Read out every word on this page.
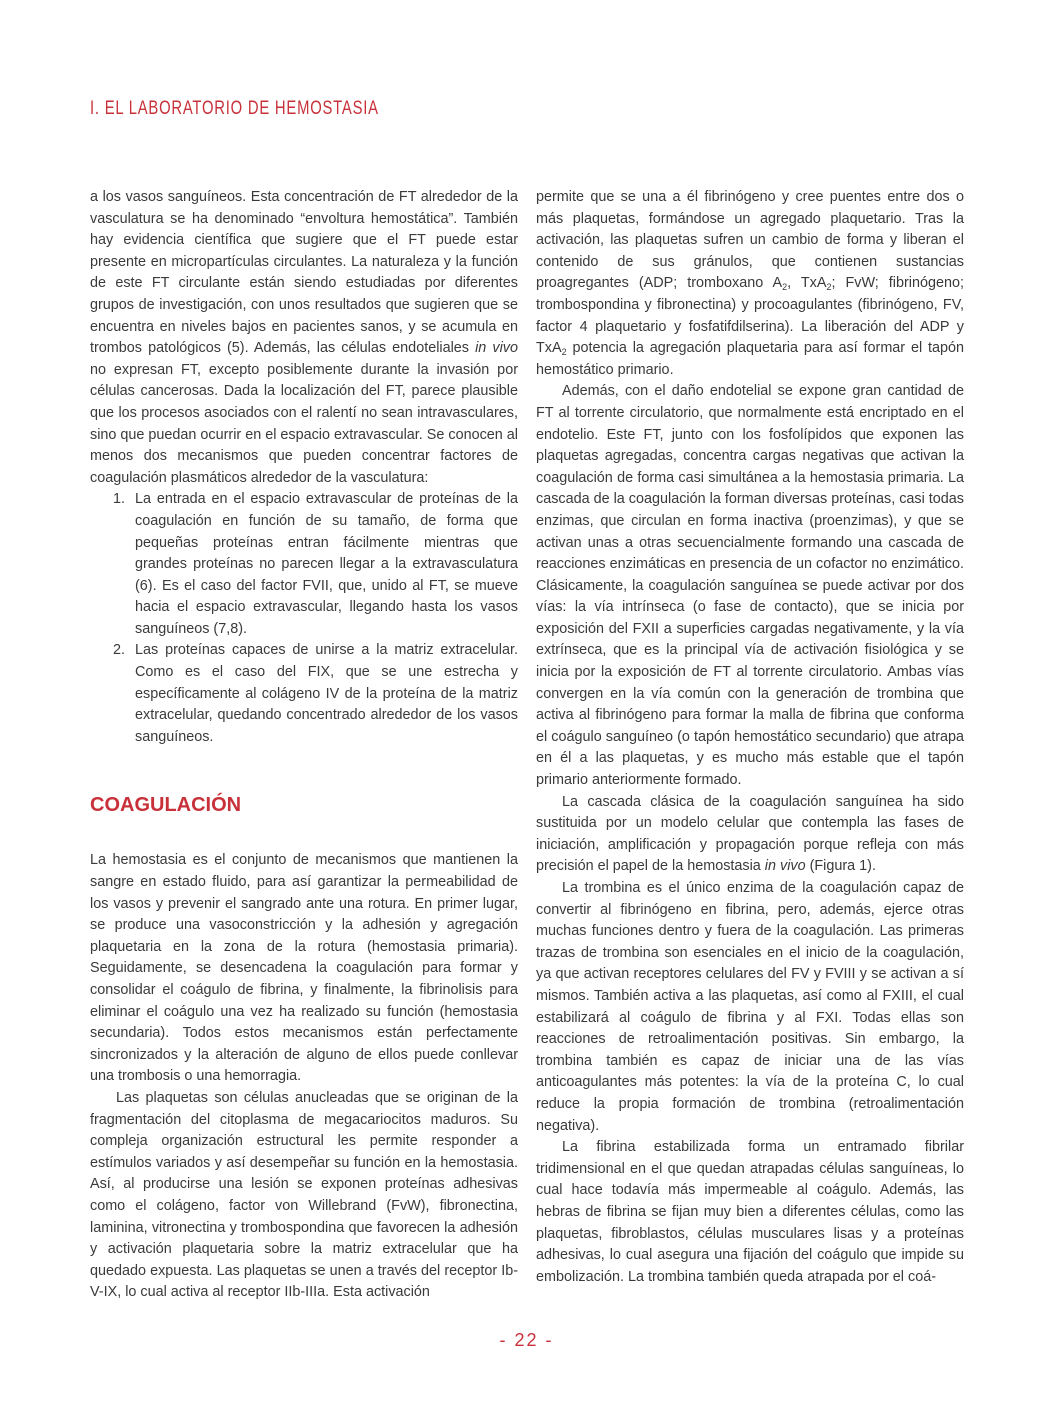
I. EL LABORATORIO DE HEMOSTASIA

a los vasos sanguíneos. Esta concentración de FT alrededor de la vasculatura se ha denominado “envoltura hemostática”. También hay evidencia científica que sugiere que el FT puede estar presente en micropartículas circulantes. La naturaleza y la función de este FT circulante están siendo estudiadas por diferentes grupos de investigación, con unos resultados que sugieren que se encuentra en niveles bajos en pacientes sanos, y se acumula en trombos patológicos (5). Además, las células endoteliales in vivo no expresan FT, excepto posiblemente durante la invasión por células cancerosas. Dada la localización del FT, parece plausible que los procesos asociados con el ralentí no sean intravasculares, sino que puedan ocurrir en el espacio extravascular. Se conocen al menos dos mecanismos que pueden concentrar factores de coagulación plasmáticos alrededor de la vasculatura:

1. La entrada en el espacio extravascular de proteínas de la coagulación en función de su tamaño, de forma que pequeñas proteínas entran fácilmente mientras que grandes proteínas no parecen llegar a la extravasculatura (6). Es el caso del factor FVII, que, unido al FT, se mueve hacia el espacio extravascular, llegando hasta los vasos sanguíneos (7,8).
2. Las proteínas capaces de unirse a la matriz extracelular. Como es el caso del FIX, que se une estrecha y específicamente al colágeno IV de la proteína de la matriz extracelular, quedando concentrado alrededor de los vasos sanguíneos.
COAGULACIÓN

La hemostasia es el conjunto de mecanismos que mantienen la sangre en estado fluido, para así garantizar la permeabilidad de los vasos y prevenir el sangrado ante una rotura. En primer lugar, se produce una vasoconstricción y la adhesión y agregación plaquetaria en la zona de la rotura (hemostasia primaria). Seguidamente, se desencadena la coagulación para formar y consolidar el coágulo de fibrina, y finalmente, la fibrinolisis para eliminar el coágulo una vez ha realizado su función (hemostasia secundaria). Todos estos mecanismos están perfectamente sincronizados y la alteración de alguno de ellos puede conllevar una trombosis o una hemorragia.

Las plaquetas son células anucleadas que se originan de la fragmentación del citoplasma de megacariocitos maduros. Su compleja organización estructural les permite responder a estímulos variados y así desempeñar su función en la hemostasia. Así, al producirse una lesión se exponen proteínas adhesivas como el colágeno, factor von Willebrand (FvW), fibronectina, laminina, vitronectina y trombospondina que favorecen la adhesión y activación plaquetaria sobre la matriz extracelular que ha quedado expuesta. Las plaquetas se unen a través del receptor Ib-V-IX, lo cual activa al receptor IIb-IIIa. Esta activación

permite que se una a él fibrinógeno y cree puentes entre dos o más plaquetas, formándose un agregado plaquetario. Tras la activación, las plaquetas sufren un cambio de forma y liberan el contenido de sus gránulos, que contienen sustancias proagregantes (ADP; tromboxano $A_2$, TxA$_2$; FvW; fibrinógeno; trombospondina y fibronectina) y procoagulantes (fibrinógeno, FV, factor 4 plaquetario y fosfatifdilserina). La liberación del ADP y TxA$_2$ potencia la agregación plaquetaria para así formar el tapón hemostático primario.

Además, con el daño endotelial se expone gran cantidad de FT al torrente circulatorio, que normalmente está encriptado en el endotelio. Este FT, junto con los fosfolípidos que exponen las plaquetas agregadas, concentra cargas negativas que activan la coagulación de forma casi simultánea a la hemostasia primaria. La cascada de la coagulación la forman diversas proteínas, casi todas enzimas, que circulan en forma inactiva (proenzimas), y que se activan unas a otras secuencialmente formando una cascada de reacciones enzimáticas en presencia de un cofactor no enzimático. Clásicamente, la coagulación sanguínea se puede activar por dos vías: la vía intrínseca (o fase de contacto), que se inicia por exposición del FXII a superficies cargadas negativamente, y la vía extrínseca, que es la principal vía de activación fisiológica y se inicia por la exposición de FT al torrente circulatorio. Ambas vías convergen en la vía común con la generación de trombina que activa al fibrinógeno para formar la malla de fibrina que conforma el coágulo sanguíneo (o tapón hemostático secundario) que atrapa en él a las plaquetas, y es mucho más estable que el tapón primario anteriormente formado.

La cascada clásica de la coagulación sanguínea ha sido sustituida por un modelo celular que contempla las fases de iniciación, amplificación y propagación porque refleja con más precisión el papel de la hemostasia in vivo (Figura 1).

La trombina es el único enzima de la coagulación capaz de convertir al fibrinógeno en fibrina, pero, además, ejerce otras muchas funciones dentro y fuera de la coagulación. Las primeras trazas de trombina son esenciales en el inicio de la coagulación, ya que activan receptores celulares del FV y FVIII y se activan a sí mismos. También activa a las plaquetas, así como al FXIII, el cual estabilizará al coágulo de fibrina y al FXI. Todas ellas son reacciones de retroalimentación positivas. Sin embargo, la trombina también es capaz de iniciar una de las vías anticoagulantes más potentes: la vía de la proteína C, lo cual reduce la propia formación de trombina (retroalimentación negativa).

La fibrina estabilizada forma un entramado fibrilar tridimensional en el que quedan atrapadas células sanguíneas, lo cual hace todavía más impermeable al coágulo. Además, las hebras de fibrina se fijan muy bien a diferentes células, como las plaquetas, fibroblastos, células musculares lisas y a proteínas adhesivas, lo cual asegura una fijación del coágulo que impide su embolización. La trombina también queda atrapada por el coá-

- 22 -
